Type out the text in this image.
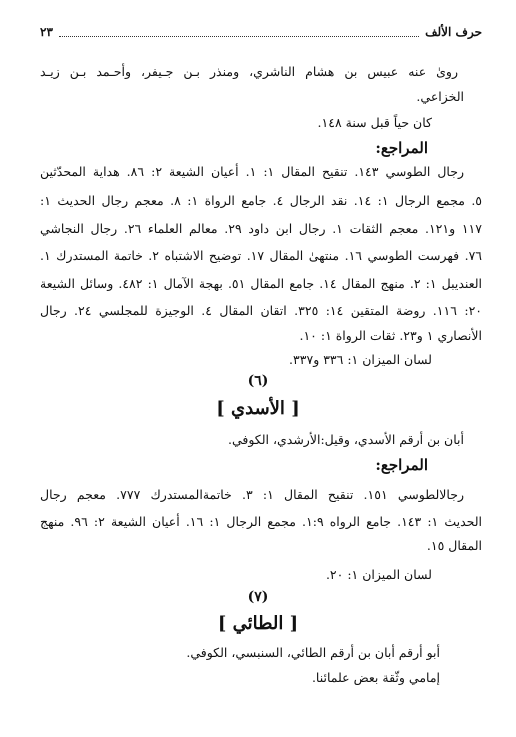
حرف الألف
٢٣
رویٰ عنه عبيس بن هشام الناشري، ومنذر بـن جـيفر، وأحـمد بـن زيـد
الخزاعي.
كان حياً قبل سنة ١٤٨.
المراجع:
رجال الطوسي ١٤٣. تنقيح المقال ١: ١. أعيان الشيعة ٢: ٨٦. هداية المحدّثين
٥. مجمع الرجال ١: ١٤. نقد الرجال ٤. جامع الرواة ١: ٨. معجم رجال الحديث ١:
١١٧ و١٢١. معجم الثقات ١. رجال ابن داود ٢٩. معالم العلماء ٢٦. رجال النجاشي
٧٦. فهرست الطوسي ١٦. منتهىٰ المقال ١٧. توضيح الاشتباه ٢. خاتمة المستدرك ١.
العنديبل ١: ٢. منهج المقال ١٤. جامع المقال ٥١. بهجة الآمال ١: ٤٨٢. وسائل الشيعة
٢٠: ١١٦. روضة المتقين ١٤: ٣٢٥. اتقان المقال ٤. الوجيزة للمجلسي ٢٤. رجال
الأنصاري ١ و٢٣. ثقات الرواة ١: ١٠.
لسان الميزان ١: ٣٣٦ و٣٣٧.
(٦)
[ الأسدي ]
أبان بن أرقم الأسدي، وقيل:الأرشدي، الكوفي.
المراجع:
رجالالطوسي ١٥١. تنقيح المقال ١: ٣. خاتمةالمستدرك ٧٧٧. معجم رجال
الحديث ١: ١٤٣. جامع الرواه ١:٩. مجمع الرجال ١: ١٦. أعيان الشيعة ٢: ٩٦. منهج
المقال ١٥.
لسان الميزان ١: ٢٠.
(٧)
[ الطائي ]
أبو أرقم أبان بن أرقم الطائي، السنبسي، الكوفي.
إمامي وثّقة بعض علمائنا.
